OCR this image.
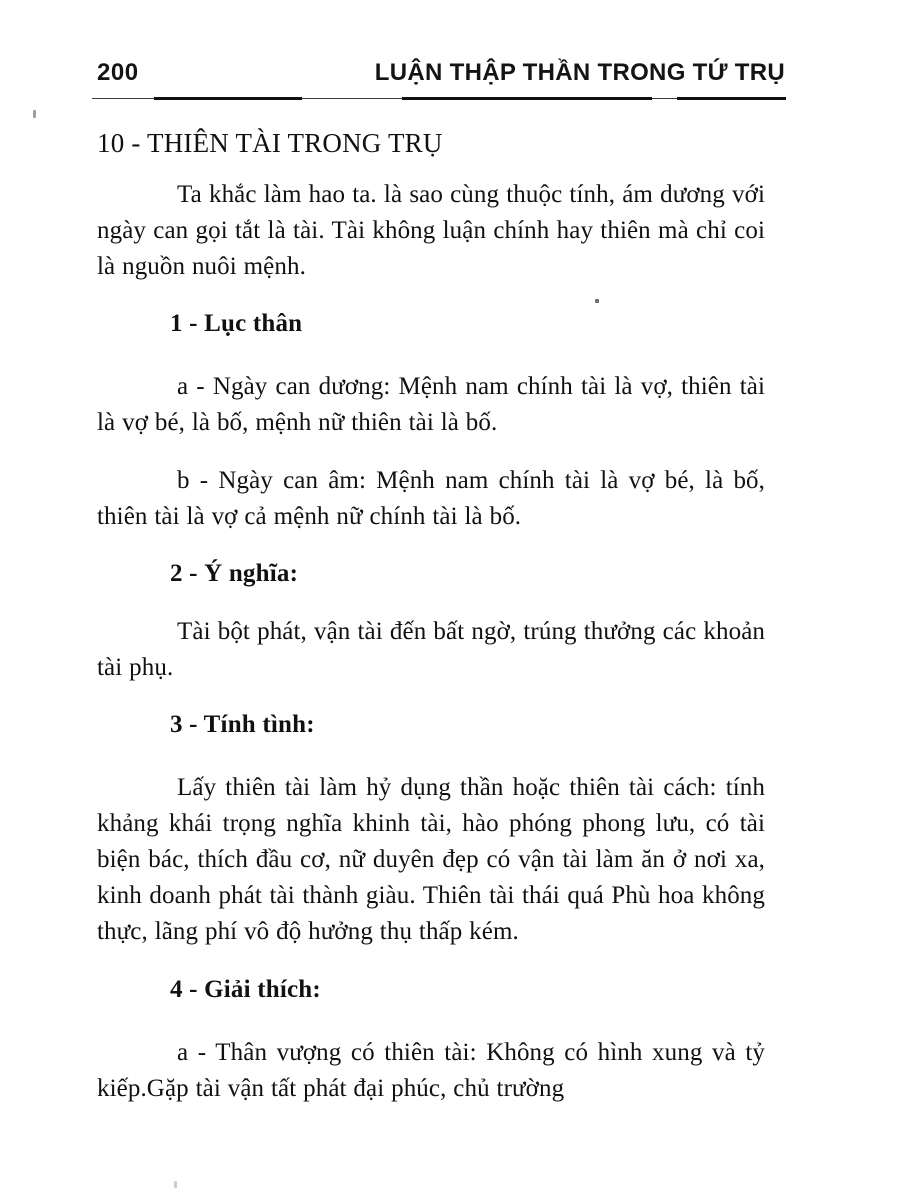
200	LUẬN THẬP THẦN TRONG TỨ TRỤ
10 - THIÊN TÀI TRONG TRỤ

Ta khắc làm hao ta. là sao cùng thuộc tính, ám dương với ngày can gọi tắt là tài. Tài không luận chính hay thiên mà chỉ coi là nguồn nuôi mệnh.

1 - Lục thân

a - Ngày can dương: Mệnh nam chính tài là vợ, thiên tài là vợ bé, là bố, mệnh nữ thiên tài là bố.

b - Ngày can âm: Mệnh nam chính tài là vợ bé, là bố, thiên tài là vợ cả mệnh nữ chính tài là bố.

2 - Ý nghĩa:

Tài bột phát, vận tài đến bất ngờ, trúng thưởng các khoản tài phụ.

3 - Tính tình:

Lấy thiên tài làm hỷ dụng thần hoặc thiên tài cách: tính khảng khái trọng nghĩa khinh tài, hào phóng phong lưu, có tài biện bác, thích đầu cơ, nữ duyên đẹp có vận tài làm ăn ở nơi xa, kinh doanh phát tài thành giàu. Thiên tài thái quá Phù hoa không thực, lãng phí vô độ hưởng thụ thấp kém.

4 - Giải thích:

a - Thân vượng có thiên tài: Không có hình xung và tỷ kiếp.Gặp tài vận tất phát đại phúc, chủ trường
